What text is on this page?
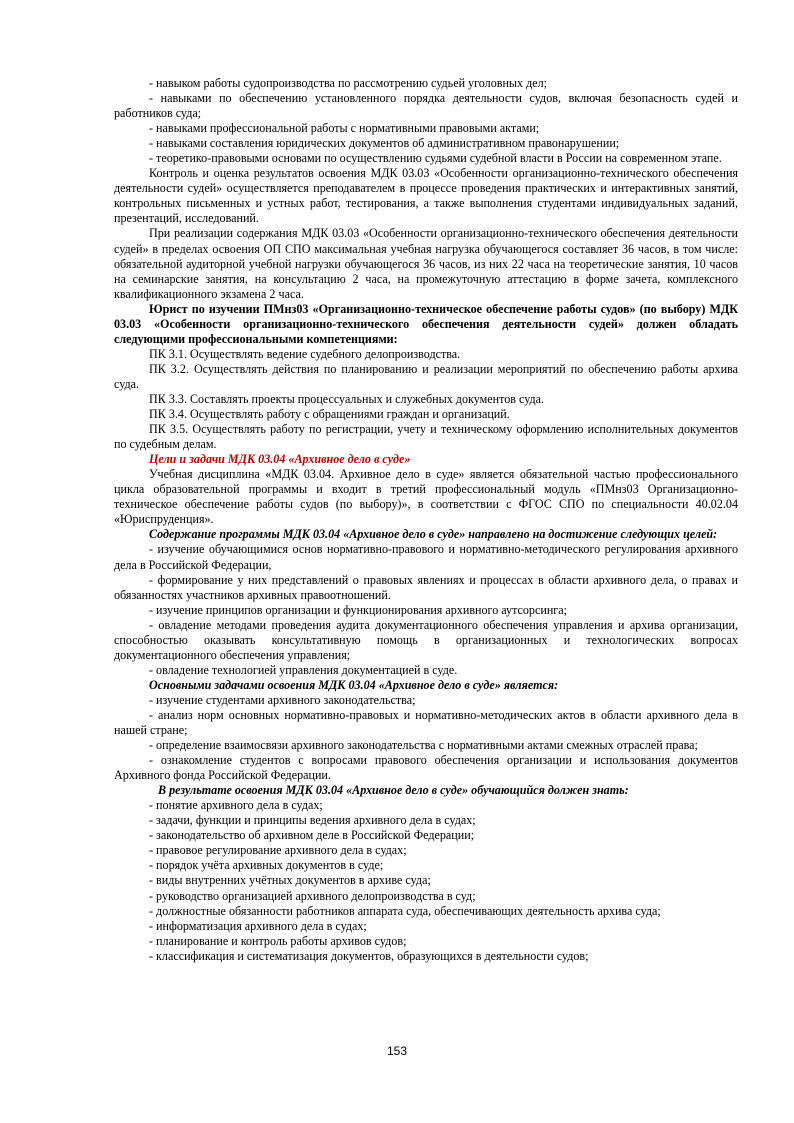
- навыком работы судопроизводства по рассмотрению судьей уголовных дел;

- навыками по обеспечению установленного порядка деятельности судов, включая безопасность судей и работников суда;

- навыками профессиональной работы с нормативными правовыми актами;

- навыками составления юридических документов об административном правонарушении;

- теоретико-правовыми основами по осуществлению судьями судебной власти в России на современном этапе.

Контроль и оценка результатов освоения МДК 03.03 «Особенности организационно-технического обеспечения деятельности судей» осуществляется преподавателем в процессе проведения практических и интерактивных занятий, контрольных письменных и устных работ, тестирования, а также выполнения студентами индивидуальных заданий, презентаций, исследований.

При реализации содержания МДК 03.03 «Особенности организационно-технического обеспечения деятельности судей» в пределах освоения ОП СПО максимальная учебная нагрузка обучающегося составляет 36 часов, в том числе: обязательной аудиторной учебной нагрузки обучающегося 36 часов, из них 22 часа на теоретические занятия, 10 часов на семинарские занятия, на консультацию 2 часа, на промежуточную аттестацию в форме зачета, комплексного квалификационного экзамена 2 часа.

Юрист по изучении ПМнз03 «Организационно-техническое обеспечение работы судов» (по выбору) МДК 03.03 «Особенности организационно-технического обеспечения деятельности судей» должен обладать следующими профессиональными компетенциями:

ПК 3.1. Осуществлять ведение судебного делопроизводства.

ПК 3.2. Осуществлять действия по планированию и реализации мероприятий по обеспечению работы архива суда.

ПК 3.3. Составлять проекты процессуальных и служебных документов суда.

ПК 3.4. Осуществлять работу с обращениями граждан и организаций.

ПК 3.5. Осуществлять работу по регистрации, учету и техническому оформлению исполнительных документов по судебным делам.

Цели и задачи МДК 03.04 «Архивное дело в суде»

Учебная дисциплина «МДК 03.04. Архивное дело в суде» является обязательной частью профессионального цикла образовательной программы и входит в третий профессиональный модуль «ПМнз03 Организационно-техническое обеспечение работы судов (по выбору)», в соответствии с ФГОС СПО по специальности 40.02.04 «Юриспруденция».

Содержание программы МДК 03.04 «Архивное дело в суде» направлено на достижение следующих целей:

- изучение обучающимися основ нормативно-правового и нормативно-методического регулирования архивного дела в Российской Федерации,

- формирование у них представлений о правовых явлениях и процессах в области архивного дела, о правах и обязанностях участников архивных правоотношений.

- изучение принципов организации и функционирования архивного аутсорсинга;

- овладение методами проведения аудита документационного обеспечения управления и архива организации, способностью оказывать консультативную помощь в организационных и технологических вопросах документационного обеспечения управления;

- овладение технологией управления документацией в суде.

Основными задачами освоения МДК 03.04 «Архивное дело в суде» является:

- изучение студентами архивного законодательства;

- анализ норм основных нормативно-правовых и нормативно-методических актов в области архивного дела в нашей стране;

- определение взаимосвязи архивного законодательства с нормативными актами смежных отраслей права;

- ознакомление студентов с вопросами правового обеспечения организации и использования документов Архивного фонда Российской Федерации.

В результате освоения МДК 03.04 «Архивное дело в суде» обучающийся должен знать:

- понятие архивного дела в судах;

- задачи, функции и принципы ведения архивного дела в судах;

- законодательство об архивном деле в Российской Федерации;

- правовое регулирование архивного дела в судах;

- порядок учёта архивных документов в суде;

- виды внутренних учётных документов в архиве суда;

- руководство организацией архивного делопроизводства в суд;

- должностные обязанности работников аппарата суда, обеспечивающих деятельность архива суда;

- информатизация архивного дела в судах;

- планирование и контроль работы архивов судов;

- классификация и систематизация документов, образующихся в деятельности судов;

153
